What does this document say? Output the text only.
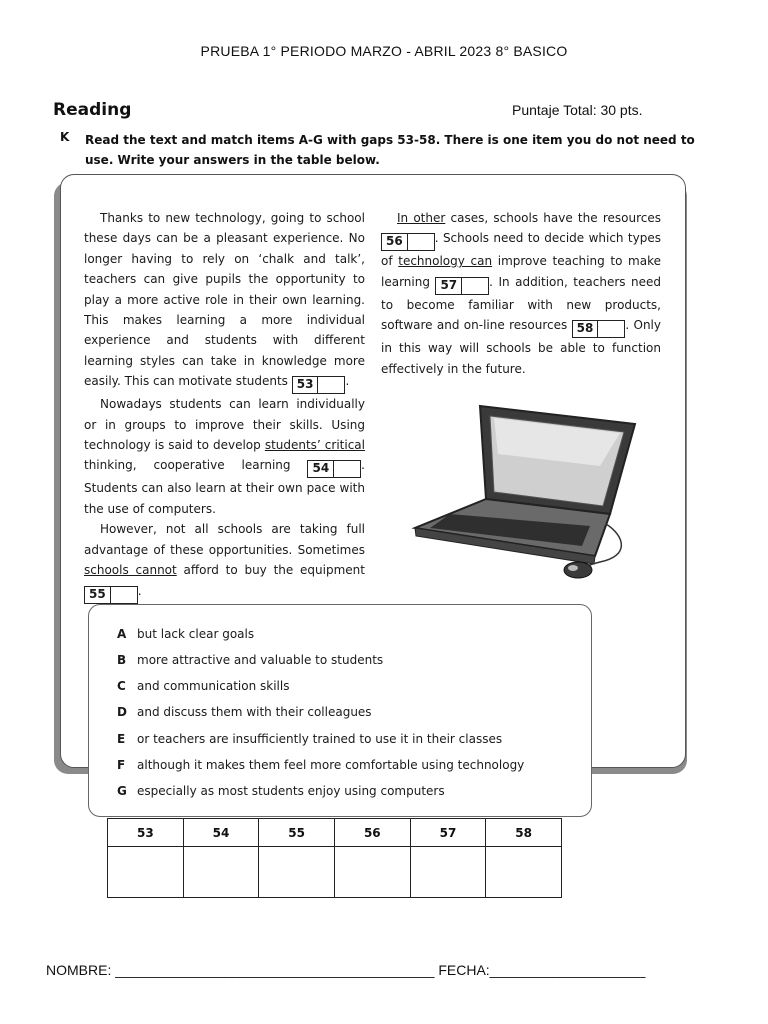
PRUEBA 1° PERIODO MARZO - ABRIL 2023 8° BASICO
Reading	Puntaje Total: 30 pts.
K Read the text and match items A-G with gaps 53-58. There is one item you do not need to use. Write your answers in the table below.

Thanks to new technology, going to school these days can be a pleasant experience. No longer having to rely on ‘chalk and talk’, teachers can give pupils the opportunity to play a more active role in their own learning. This makes learning a more individual experience and students with different learning styles can take in knowledge more easily. This can motivate students 53	.

Nowadays students can learn individually or in groups to improve their skills. Using technology is said to develop students’ critical thinking, cooperative learning 54	. Students can also learn at their own pace with the use of computers.

However, not all schools are taking full advantage of these opportunities. Sometimes schools cannot afford to buy the equipment 55	.

In other cases, schools have the resources 56	. Schools need to decide which types of technology can improve teaching to make learning 57	. In addition, teachers need to become familiar with new products, software and on-line resources 58	. Only in this way will schools be able to function effectively in the future.

A but lack clear goals
B more attractive and valuable to students
C and communication skills
D and discuss them with their colleagues
E or teachers are insufficiently trained to use it in their classes
F although it makes them feel more comfortable using technology
G especially as most students enjoy using computers
53	54	55	56	57	58

NOMBRE: _________________________________________ FECHA:____________________
